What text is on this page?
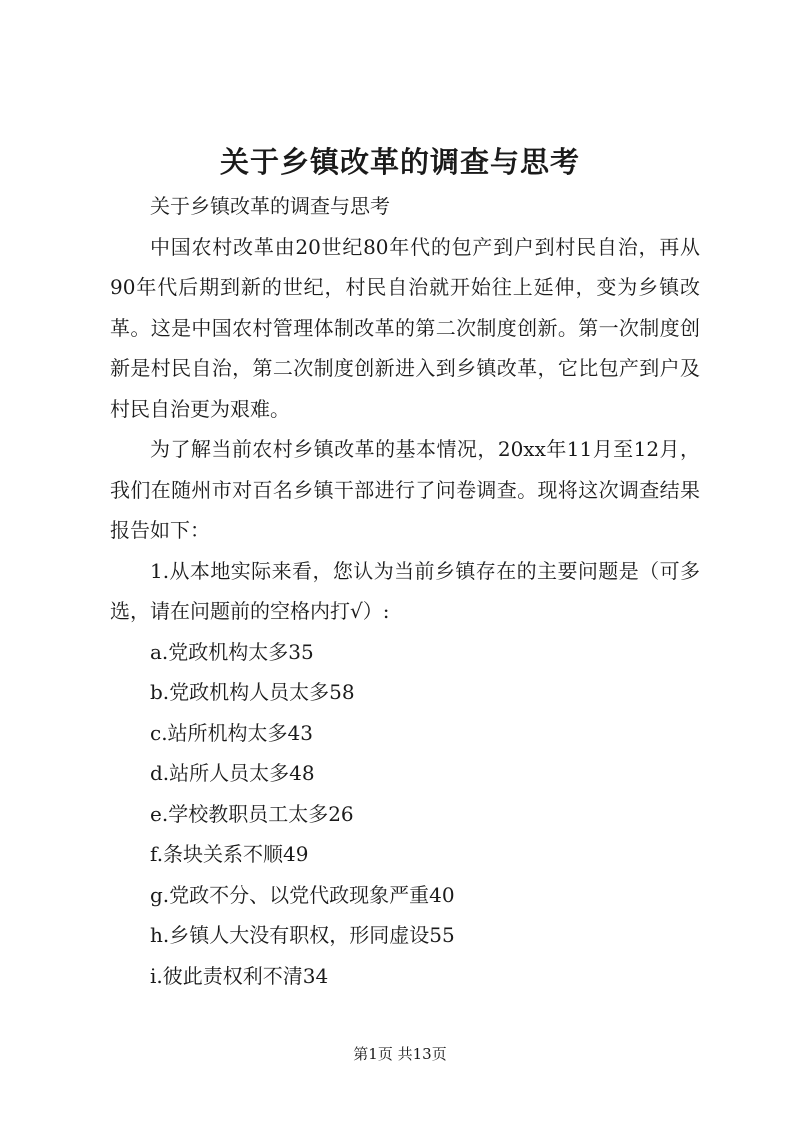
关于乡镇改革的调查与思考

关于乡镇改革的调查与思考

中国农村改革由20世纪80年代的包产到户到村民自治，再从90年代后期到新的世纪，村民自治就开始往上延伸，变为乡镇改革。这是中国农村管理体制改革的第二次制度创新。第一次制度创新是村民自治，第二次制度创新进入到乡镇改革，它比包产到户及村民自治更为艰难。

为了解当前农村乡镇改革的基本情况，20xx年11月至12月，我们在随州市对百名乡镇干部进行了问卷调查。现将这次调查结果报告如下：

1.从本地实际来看，您认为当前乡镇存在的主要问题是（可多选，请在问题前的空格内打√）:

a.党政机构太多35

b.党政机构人员太多58

c.站所机构太多43

d.站所人员太多48

e.学校教职员工太多26

f.条块关系不顺49

g.党政不分、以党代政现象严重40

h.乡镇人大没有职权，形同虚设55

i.彼此责权利不清34

第1页 共13页
